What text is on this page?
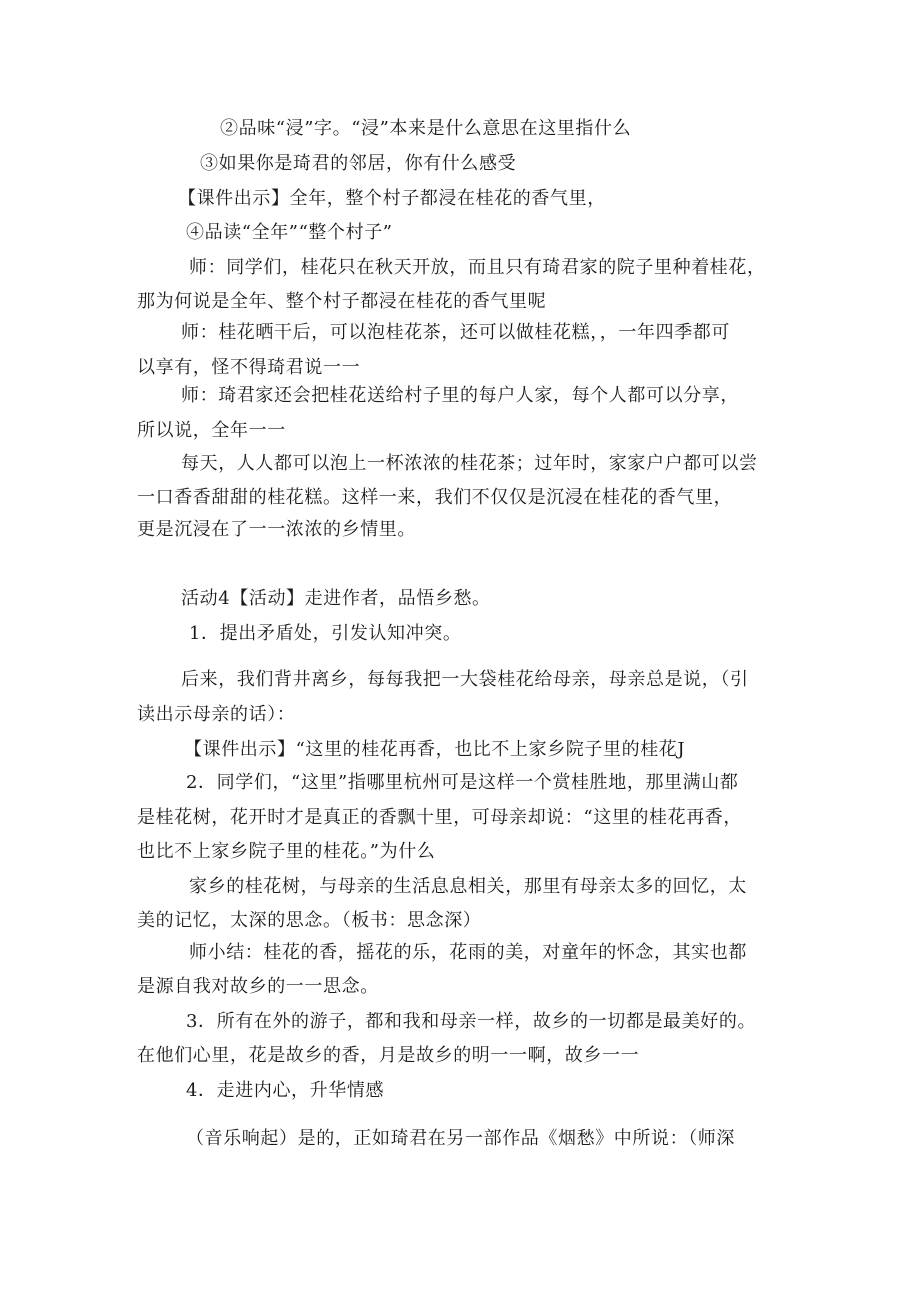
②品味“浸”字。“浸”本来是什么意思在这里指什么
③如果你是琦君的邻居，你有什么感受
【课件出示】全年，整个村子都浸在桂花的香气里，
④品读“全年”“整个村子”
师：同学们，桂花只在秋天开放，而且只有琦君家的院子里种着桂花，
那为何说是全年、整个村子都浸在桂花的香气里呢
师：桂花晒干后，可以泡桂花茶，还可以做桂花糕，，一年四季都可
以享有，怪不得琦君说一一
师：琦君家还会把桂花送给村子里的每户人家，每个人都可以分享，
所以说，全年一一
每天，人人都可以泡上一杯浓浓的桂花茶；过年时，家家户户都可以尝
一口香香甜甜的桂花糕。这样一来，我们不仅仅是沉浸在桂花的香气里，
更是沉浸在了一一浓浓的乡情里。
活动4【活动】走进作者，品悟乡愁。
1．提出矛盾处，引发认知冲突。
后来，我们背井离乡，每每我把一大袋桂花给母亲，母亲总是说，（引
读出示母亲的话）：
【课件出示】“这里的桂花再香，也比不上家乡院子里的桂花J
2．同学们，“这里”指哪里杭州可是这样一个赏桂胜地，那里满山都
是桂花树，花开时才是真正的香飘十里，可母亲却说：“这里的桂花再香，
也比不上家乡院子里的桂花。”为什么
家乡的桂花树，与母亲的生活息息相关，那里有母亲太多的回忆，太
美的记忆，太深的思念。（板书：思念深）
师小结：桂花的香，摇花的乐，花雨的美，对童年的怀念，其实也都
是源自我对故乡的一一思念。
3．所有在外的游子，都和我和母亲一样，故乡的一切都是最美好的。
在他们心里，花是故乡的香，月是故乡的明一一啊，故乡一一
4．走进内心，升华情感
（音乐响起）是的，正如琦君在另一部作品《烟愁》中所说：（师深
